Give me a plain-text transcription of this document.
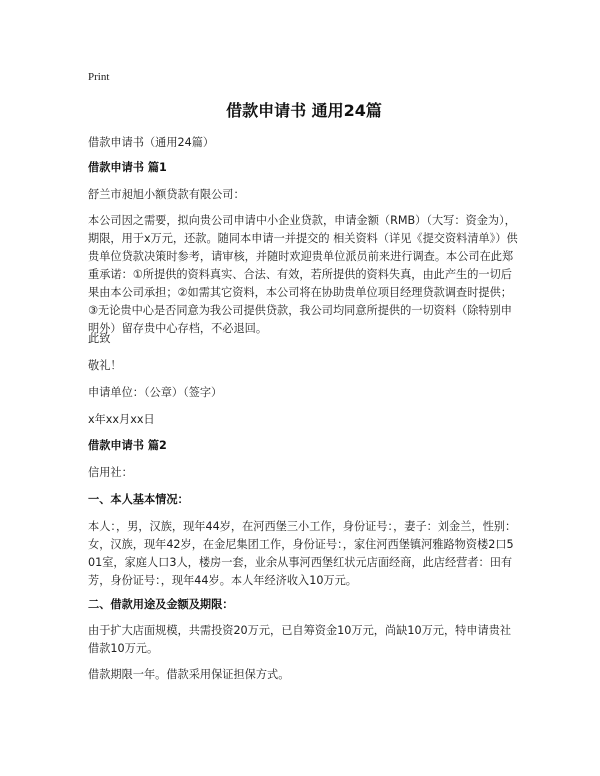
Print
借款申请书 通用24篇
借款申请书（通用24篇）
借款申请书 篇1
舒兰市昶旭小额贷款有限公司：
本公司因之需要，拟向贵公司申请中小企业贷款，申请金额（RMB）（大写：资金为），期限，用于x万元，还款。随同本申请一并提交的 相关资料（详见《提交资料清单》）供贵单位贷款决策时参考，请审核，并随时欢迎贵单位派员前来进行调查。本公司在此郑重承诺：①所提供的资料真实、合法、有效，若所提供的资料失真，由此产生的一切后果由本公司承担；②如需其它资料，本公司将在协助贵单位项目经理贷款调查时提供；③无论贵中心是否同意为我公司提供贷款，我公司均同意所提供的一切资料（除特别申明外）留存贵中心存档，不必退回。
此致
敬礼！
申请单位：（公章）（签字）
x年xx月xx日
借款申请书 篇2
信用社：
一、本人基本情况：
本人：，男，汉族，现年44岁，在河西堡三小工作，身份证号：，妻子：刘金兰，性别：女，汉族，现年42岁，在金尼集团工作，身份证号：，家住河西堡镇河雅路物资楼2口501室，家庭人口3人，楼房一套，业余从事河西堡红状元店面经商，此店经营者：田有芳，身份证号：，现年44岁。本人年经济收入10万元。
二、借款用途及金额及期限：
由于扩大店面规模，共需投资20万元，已自筹资金10万元，尚缺10万元，特申请贵社借款10万元。
借款期限一年。借款采用保证担保方式。
